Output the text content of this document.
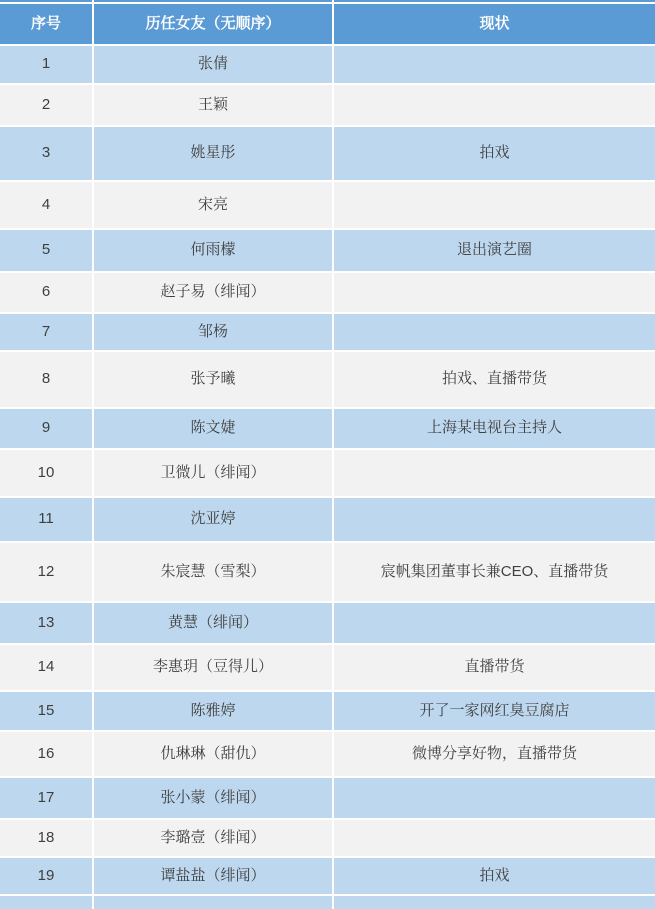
序号	历任女友（无顺序）	现状
1	张倩
2	王颖
3	姚星彤	拍戏
4	宋亮
5	何雨檬	退出演艺圈
6	赵子易（绯闻）
7	邹杨
8	张予曦	拍戏、直播带货
9	陈文婕	上海某电视台主持人
10	卫微儿（绯闻）
11	沈亚婷
12	朱宸慧（雪梨）	宸帆集团董事长兼CEO、直播带货
13	黄慧（绯闻）
14	李惠玥（豆得儿）	直播带货
15	陈雅婷	开了一家网红臭豆腐店
16	仇琳琳（甜仇）	微博分享好物，直播带货
17	张小蒙（绯闻）
18	李璐壹（绯闻）
19	谭盐盐（绯闻）	拍戏
